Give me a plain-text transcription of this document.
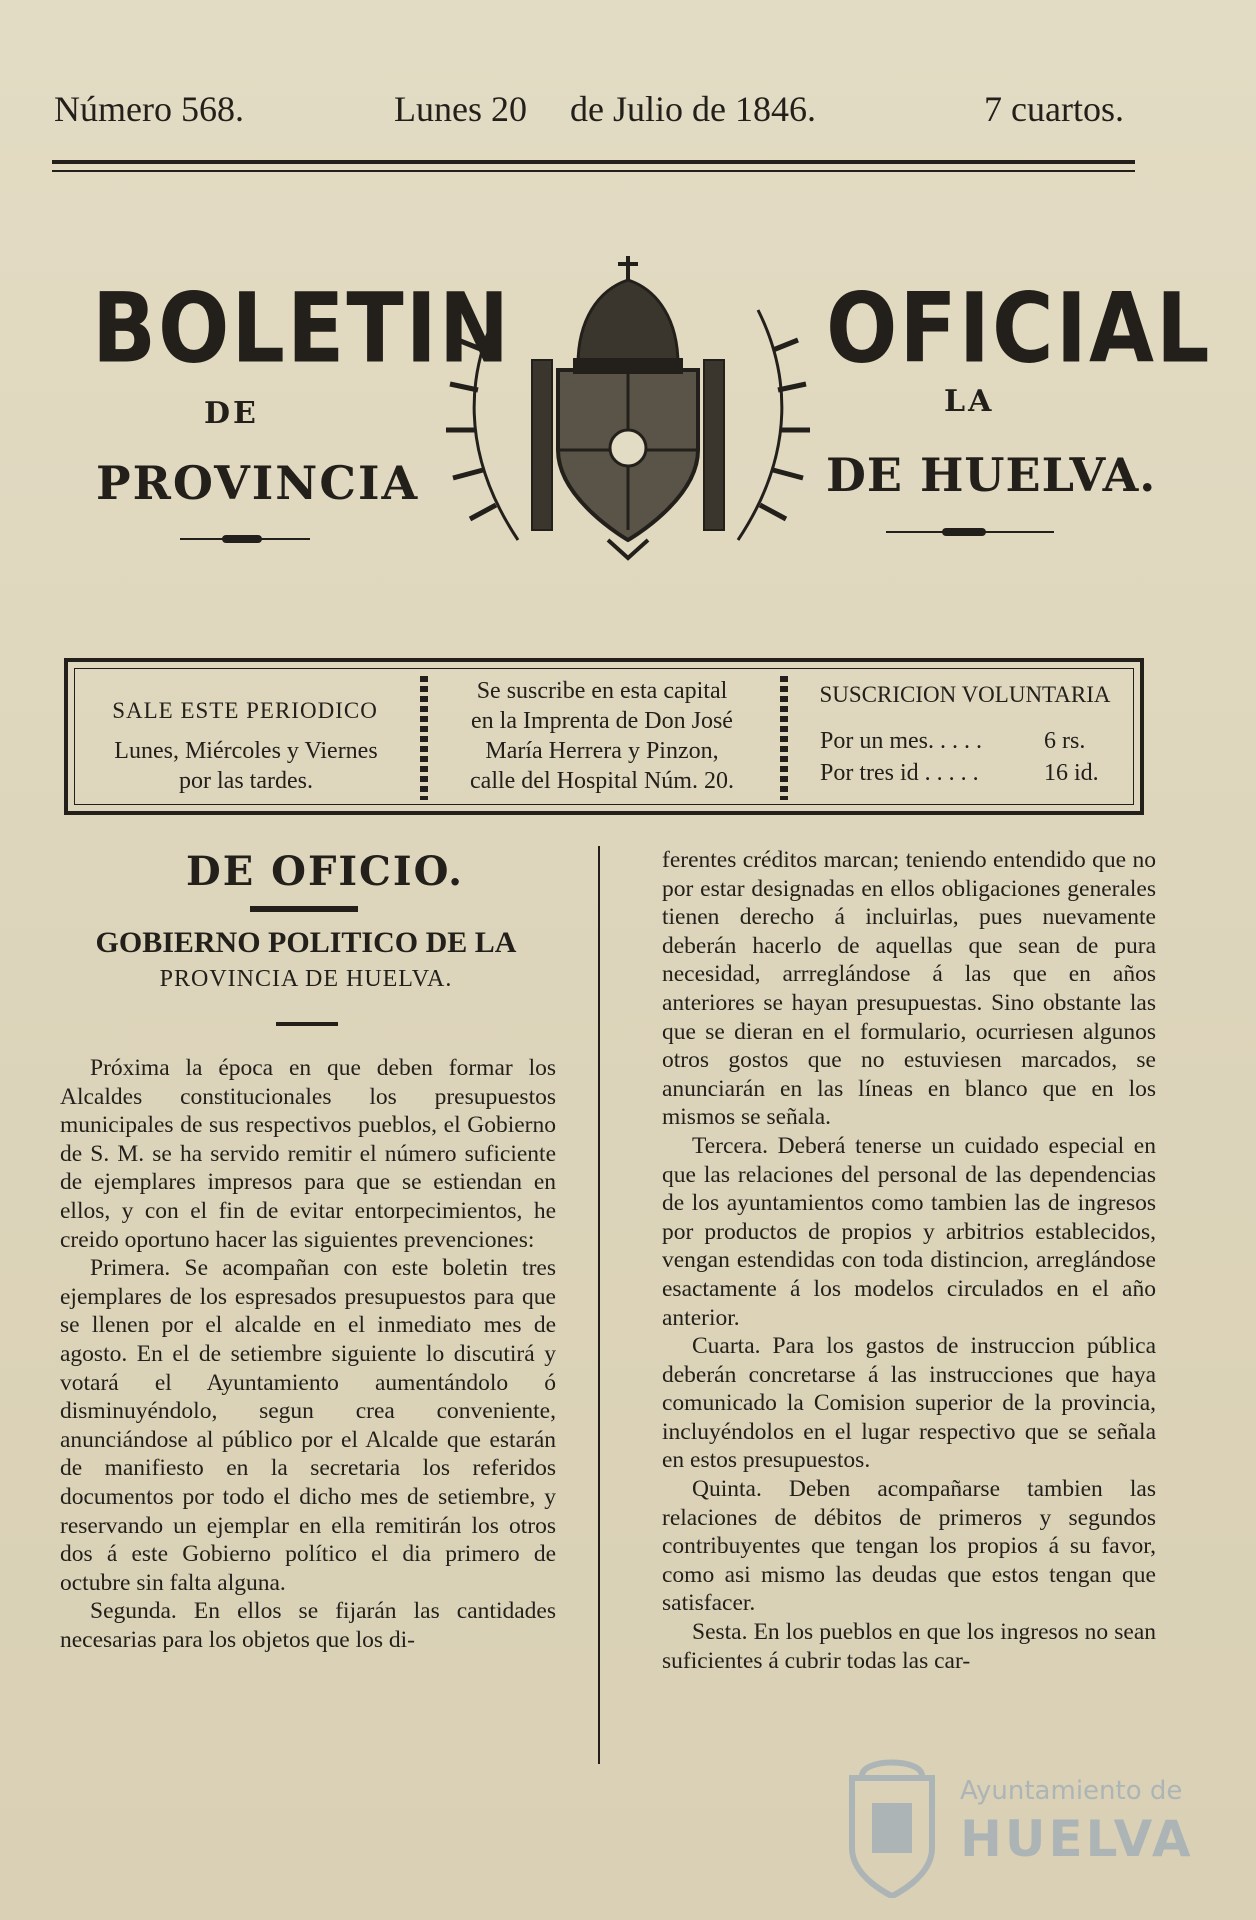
Número 568.	Lunes 20 de Julio de 1846.	7 cuartos.
BOLETIN	OFICIAL
DE	LA
PROVINCIA	DE HUELVA.
SALE ESTE PERIODICO
Lunes, Miércoles y Viernes
por las tardes.
Se suscribe en esta capital
en la Imprenta de Don José
María Herrera y Pinzon,
calle del Hospital Núm. 20.
SUSCRICION VOLUNTARIA
Por un mes. . . . .	6 rs.
Por tres id . . . . .	16 id.
DE OFICIO.
GOBIERNO POLITICO DE LA
PROVINCIA DE HUELVA.

Próxima la época en que deben formar los Alcaldes constitucionales los presupuestos municipales de sus respectivos pueblos, el Gobierno de S. M. se ha servido remitir el número suficiente de ejemplares impresos para que se estiendan en ellos, y con el fin de evitar entorpecimientos, he creido oportuno hacer las siguientes prevenciones:

Primera. Se acompañan con este boletin tres ejemplares de los espresados presupuestos para que se llenen por el alcalde en el inmediato mes de agosto. En el de setiembre siguiente lo discutirá y votará el Ayuntamiento aumentándolo ó disminuyéndolo, segun crea conveniente, anunciándose al público por el Alcalde que estarán de manifiesto en la secretaria los referidos documentos por todo el dicho mes de setiembre, y reservando un ejemplar en ella remitirán los otros dos á este Gobierno político el dia primero de octubre sin falta alguna.

Segunda. En ellos se fijarán las cantidades necesarias para los objetos que los di-

ferentes créditos marcan; teniendo entendido que no por estar designadas en ellos obligaciones generales tienen derecho á incluirlas, pues nuevamente deberán hacerlo de aquellas que sean de pura necesidad, arrreglándose á las que en años anteriores se hayan presupuestas. Sino obstante las que se dieran en el formulario, ocurriesen algunos otros gostos que no estuviesen marcados, se anunciarán en las líneas en blanco que en los mismos se señala.

Tercera. Deberá tenerse un cuidado especial en que las relaciones del personal de las dependencias de los ayuntamientos como tambien las de ingresos por productos de propios y arbitrios establecidos, vengan estendidas con toda distincion, arreglándose esactamente á los modelos circulados en el año anterior.

Cuarta. Para los gastos de instruccion pública deberán concretarse á las instrucciones que haya comunicado la Comision superior de la provincia, incluyéndolos en el lugar respectivo que se señala en estos presupuestos.

Quinta. Deben acompañarse tambien las relaciones de débitos de primeros y segundos contribuyentes que tengan los propios á su favor, como asi mismo las deudas que estos tengan que satisfacer.

Sesta. En los pueblos en que los ingresos no sean suficientes á cubrir todas las car-

Ayuntamiento de
HUELVA
